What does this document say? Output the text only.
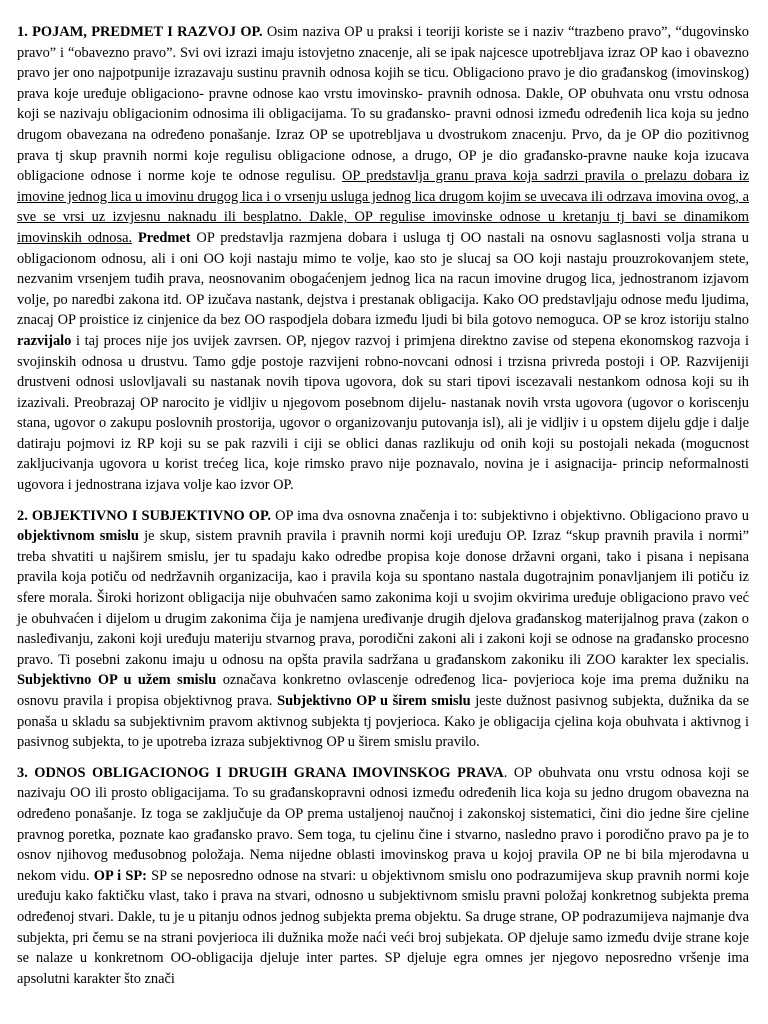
1. POJAM, PREDMET I RAZVOJ OP. Osim naziva OP u praksi i teoriji koriste se i naziv “trazbeno pravo”, “dugovinsko pravo” i “obavezno pravo”. Svi ovi izrazi imaju istovjetno znacenje, ali se ipak najcesce upotrebljava izraz OP kao i obavezno pravo jer ono najpotpunije izrazavaju sustinu pravnih odnosa kojih se ticu. Obligaciono pravo je dio građanskog (imovinskog) prava koje uređuje obligaciono- pravne odnose kao vrstu imovinsko- pravnih odnosa. Dakle, OP obuhvata onu vrstu odnosa koji se nazivaju obligacionim odnosima ili obligacijama. To su građansko- pravni odnosi između određenih lica koja su jedno drugom obavezana na određeno ponašanje. Izraz OP se upotrebljava u dvostrukom znacenju. Prvo, da je OP dio pozitivnog prava tj skup pravnih normi koje regulisu obligacione odnose, a drugo, OP je dio građansko-pravne nauke koja izucava obligacione odnose i norme koje te odnose regulisu. OP predstavlja granu prava koja sadrzi pravila o prelazu dobara iz imovine jednog lica u imovinu drugog lica i o vrsenju usluga jednog lica drugom kojim se uvecava ili odrzava imovina ovog, a sve se vrsi uz izvjesnu naknadu ili besplatno. Dakle, OP regulise imovinske odnose u kretanju tj bavi se dinamikom imovinskih odnosa. Predmet OP predstavlja razmjena dobara i usluga tj OO nastali na osnovu saglasnosti volja strana u obligacionom odnosu, ali i oni OO koji nastaju mimo te volje, kao sto je slucaj sa OO koji nastaju prouzrokovanjem stete, nezvanim vrsenjem tuđih prava, neosnovanim obogaćenjem jednog lica na racun imovine drugog lica, jednostranom izjavom volje, po naredbi zakona itd. OP izučava nastank, dejstva i prestanak obligacija. Kako OO predstavljaju odnose među ljudima, znacaj OP proistice iz cinjenice da bez OO raspodjela dobara između ljudi bi bila gotovo nemoguca. OP se kroz istoriju stalno razvijalo i taj proces nije jos uvijek zavrsen. OP, njegov razvoj i primjena direktno zavise od stepena ekonomskog razvoja i svojinskih odnosa u drustvu. Tamo gdje postoje razvijeni robno-novcani odnosi i trzisna privreda postoji i OP. Razvijeniji drustveni odnosi uslovljavali su nastanak novih tipova ugovora, dok su stari tipovi iscezavali nestankom odnosa koji su ih izazivali. Preobrazaj OP narocito je vidljiv u njegovom posebnom dijelu- nastanak novih vrsta ugovora (ugovor o koriscenju stana, ugovor o zakupu poslovnih prostorija, ugovor o organizovanju putovanja isl), ali je vidljiv i u opstem dijelu gdje i dalje datiraju pojmovi iz RP koji su se pak razvili i ciji se oblici danas razlikuju od onih koji su postojali nekada (mogucnost zakljucivanja ugovora u korist trećeg lica, koje rimsko pravo nije poznavalo, novina je i asignacija- princip neformalnosti ugovora i jednostrana izjava volje kao izvor OP.

2. OBJEKTIVNO I SUBJEKTIVNO OP. OP ima dva osnovna značenja i to: subjektivno i objektivno. Obligaciono pravo u objektivnom smislu je skup, sistem pravnih pravila i pravnih normi koji uređuju OP. Izraz “skup pravnih pravila i normi” treba shvatiti u najširem smislu, jer tu spadaju kako odredbe propisa koje donose državni organi, tako i pisana i nepisana pravila koja potiču od nedržavnih organizacija, kao i pravila koja su spontano nastala dugotrajnim ponavljanjem ili potiču iz sfere morala. Široki horizont obligacija nije obuhvaćen samo zakonima koji u svojim okvirima uređuje obligaciono pravo već je obuhvaćen i dijelom u drugim zakonima čija je namjena uređivanje drugih djelova građanskog materijalnog prava (zakon o nasleđivanju, zakoni koji uređuju materiju stvarnog prava, porodični zakoni ali i zakoni koji se odnose na građansko procesno pravo. Ti posebni zakonu imaju u odnosu na opšta pravila sadržana u građanskom zakoniku ili ZOO karakter lex specialis. Subjektivno OP u užem smislu označava konkretno ovlascenje određenog lica- povjerioca koje ima prema dužniku na osnovu pravila i propisa objektivnog prava. Subjektivno OP u širem smislu jeste dužnost pasivnog subjekta, dužnika da se ponaša u skladu sa subjektivnim pravom aktivnog subjekta tj povjerioca. Kako je obligacija cjelina koja obuhvata i aktivnog i pasivnog subjekta, to je upotreba izraza subjektivnog OP u širem smislu pravilo.

3. ODNOS OBLIGACIONOG I DRUGIH GRANA IMOVINSKOG PRAVA. OP obuhvata onu vrstu odnosa koji se nazivaju OO ili prosto obligacijama. To su građanskopravni odnosi između određenih lica koja su jedno drugom obavezna na određeno ponašanje. Iz toga se zaključuje da OP prema ustaljenoj naučnoj i zakonskoj sistematici, čini dio jedne šire cjeline pravnog poretka, poznate kao građansko pravo. Sem toga, tu cjelinu čine i stvarno, nasledno pravo i porodično pravo pa je to osnov njihovog međusobnog položaja. Nema nijedne oblasti imovinskog prava u kojoj pravila OP ne bi bila mjerodavna u nekom vidu. OP i SP: SP se neposredno odnose na stvari: u objektivnom smislu ono podrazumijeva skup pravnih normi koje uređuju kako faktičku vlast, tako i prava na stvari, odnosno u subjektivnom smislu pravni položaj konkretnog subjekta prema određenoj stvari. Dakle, tu je u pitanju odnos jednog subjekta prema objektu. Sa druge strane, OP podrazumijeva najmanje dva subjekta, pri čemu se na strani povjerioca ili dužnika može naći veći broj subjekata. OP djeluje samo između dvije strane koje se nalaze u konkretnom OO-obligacija djeluje inter partes. SP djeluje egra omnes jer njegovo neposredno vršenje ima apsolutni karakter što znači
